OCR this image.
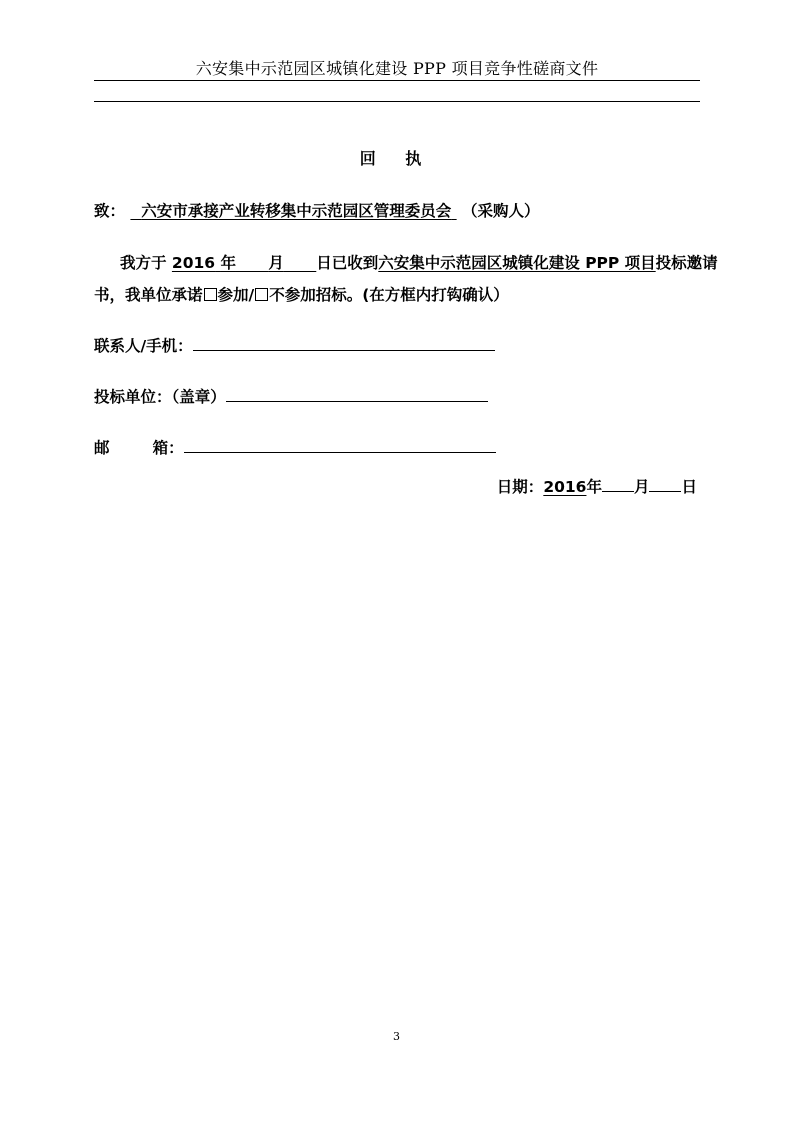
六安集中示范园区城镇化建设 PPP 项目竞争性磋商文件
回 执
致： 六安市承接产业转移集中示范园区管理委员会 （采购人）
我方于 2016 年 月 日已收到六安集中示范园区城镇化建设 PPP 项目投标邀请
书，我单位承诺 参加/ 不参加招标。(在方框内打钩确认）
联系人/手机：
投标单位：（盖章）
邮        箱：
日期：2016年 月 日
3
